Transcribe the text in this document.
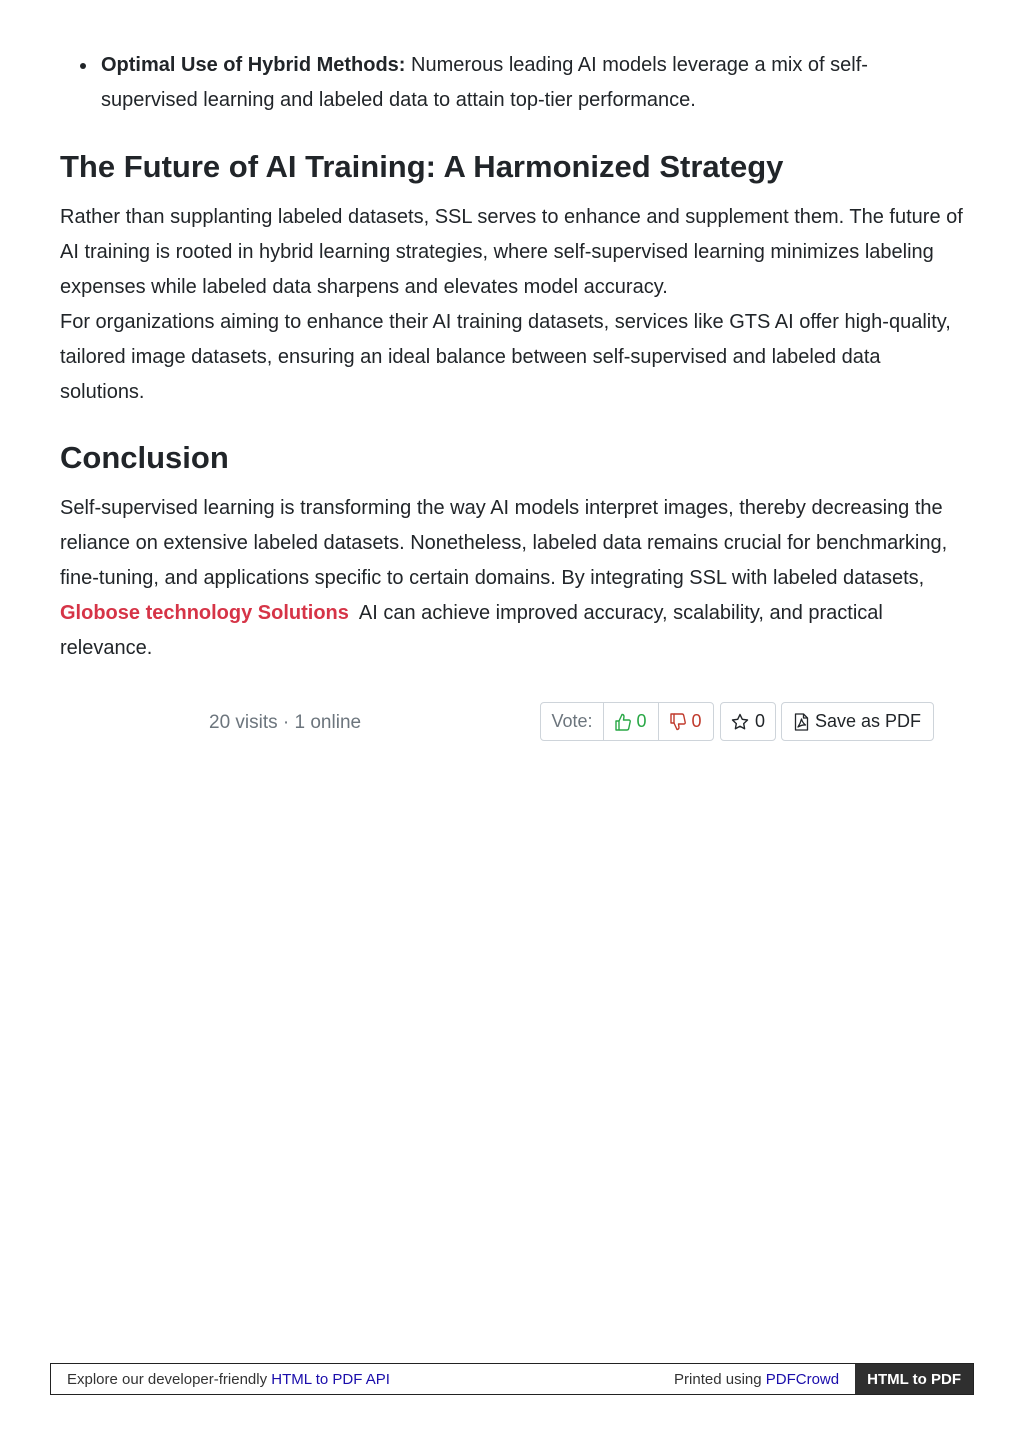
Optimal Use of Hybrid Methods: Numerous leading AI models leverage a mix of self-supervised learning and labeled data to attain top-tier performance.
The Future of AI Training: A Harmonized Strategy

Rather than supplanting labeled datasets, SSL serves to enhance and supplement them. The future of AI training is rooted in hybrid learning strategies, where self-supervised learning minimizes labeling expenses while labeled data sharpens and elevates model accuracy.

For organizations aiming to enhance their AI training datasets, services like GTS AI offer high-quality, tailored image datasets, ensuring an ideal balance between self-supervised and labeled data solutions.

Conclusion

Self-supervised learning is transforming the way AI models interpret images, thereby decreasing the reliance on extensive labeled datasets. Nonetheless, labeled data remains crucial for benchmarking, fine-tuning, and applications specific to certain domains. By integrating SSL with labeled datasets, Globose technology Solutions  AI can achieve improved accuracy, scalability, and practical relevance.

20 visits · 1 online	Vote:	0 0	0	Save as PDF
Explore our developer-friendly HTML to PDF API	Printed using PDFCrowd	HTML to PDF
